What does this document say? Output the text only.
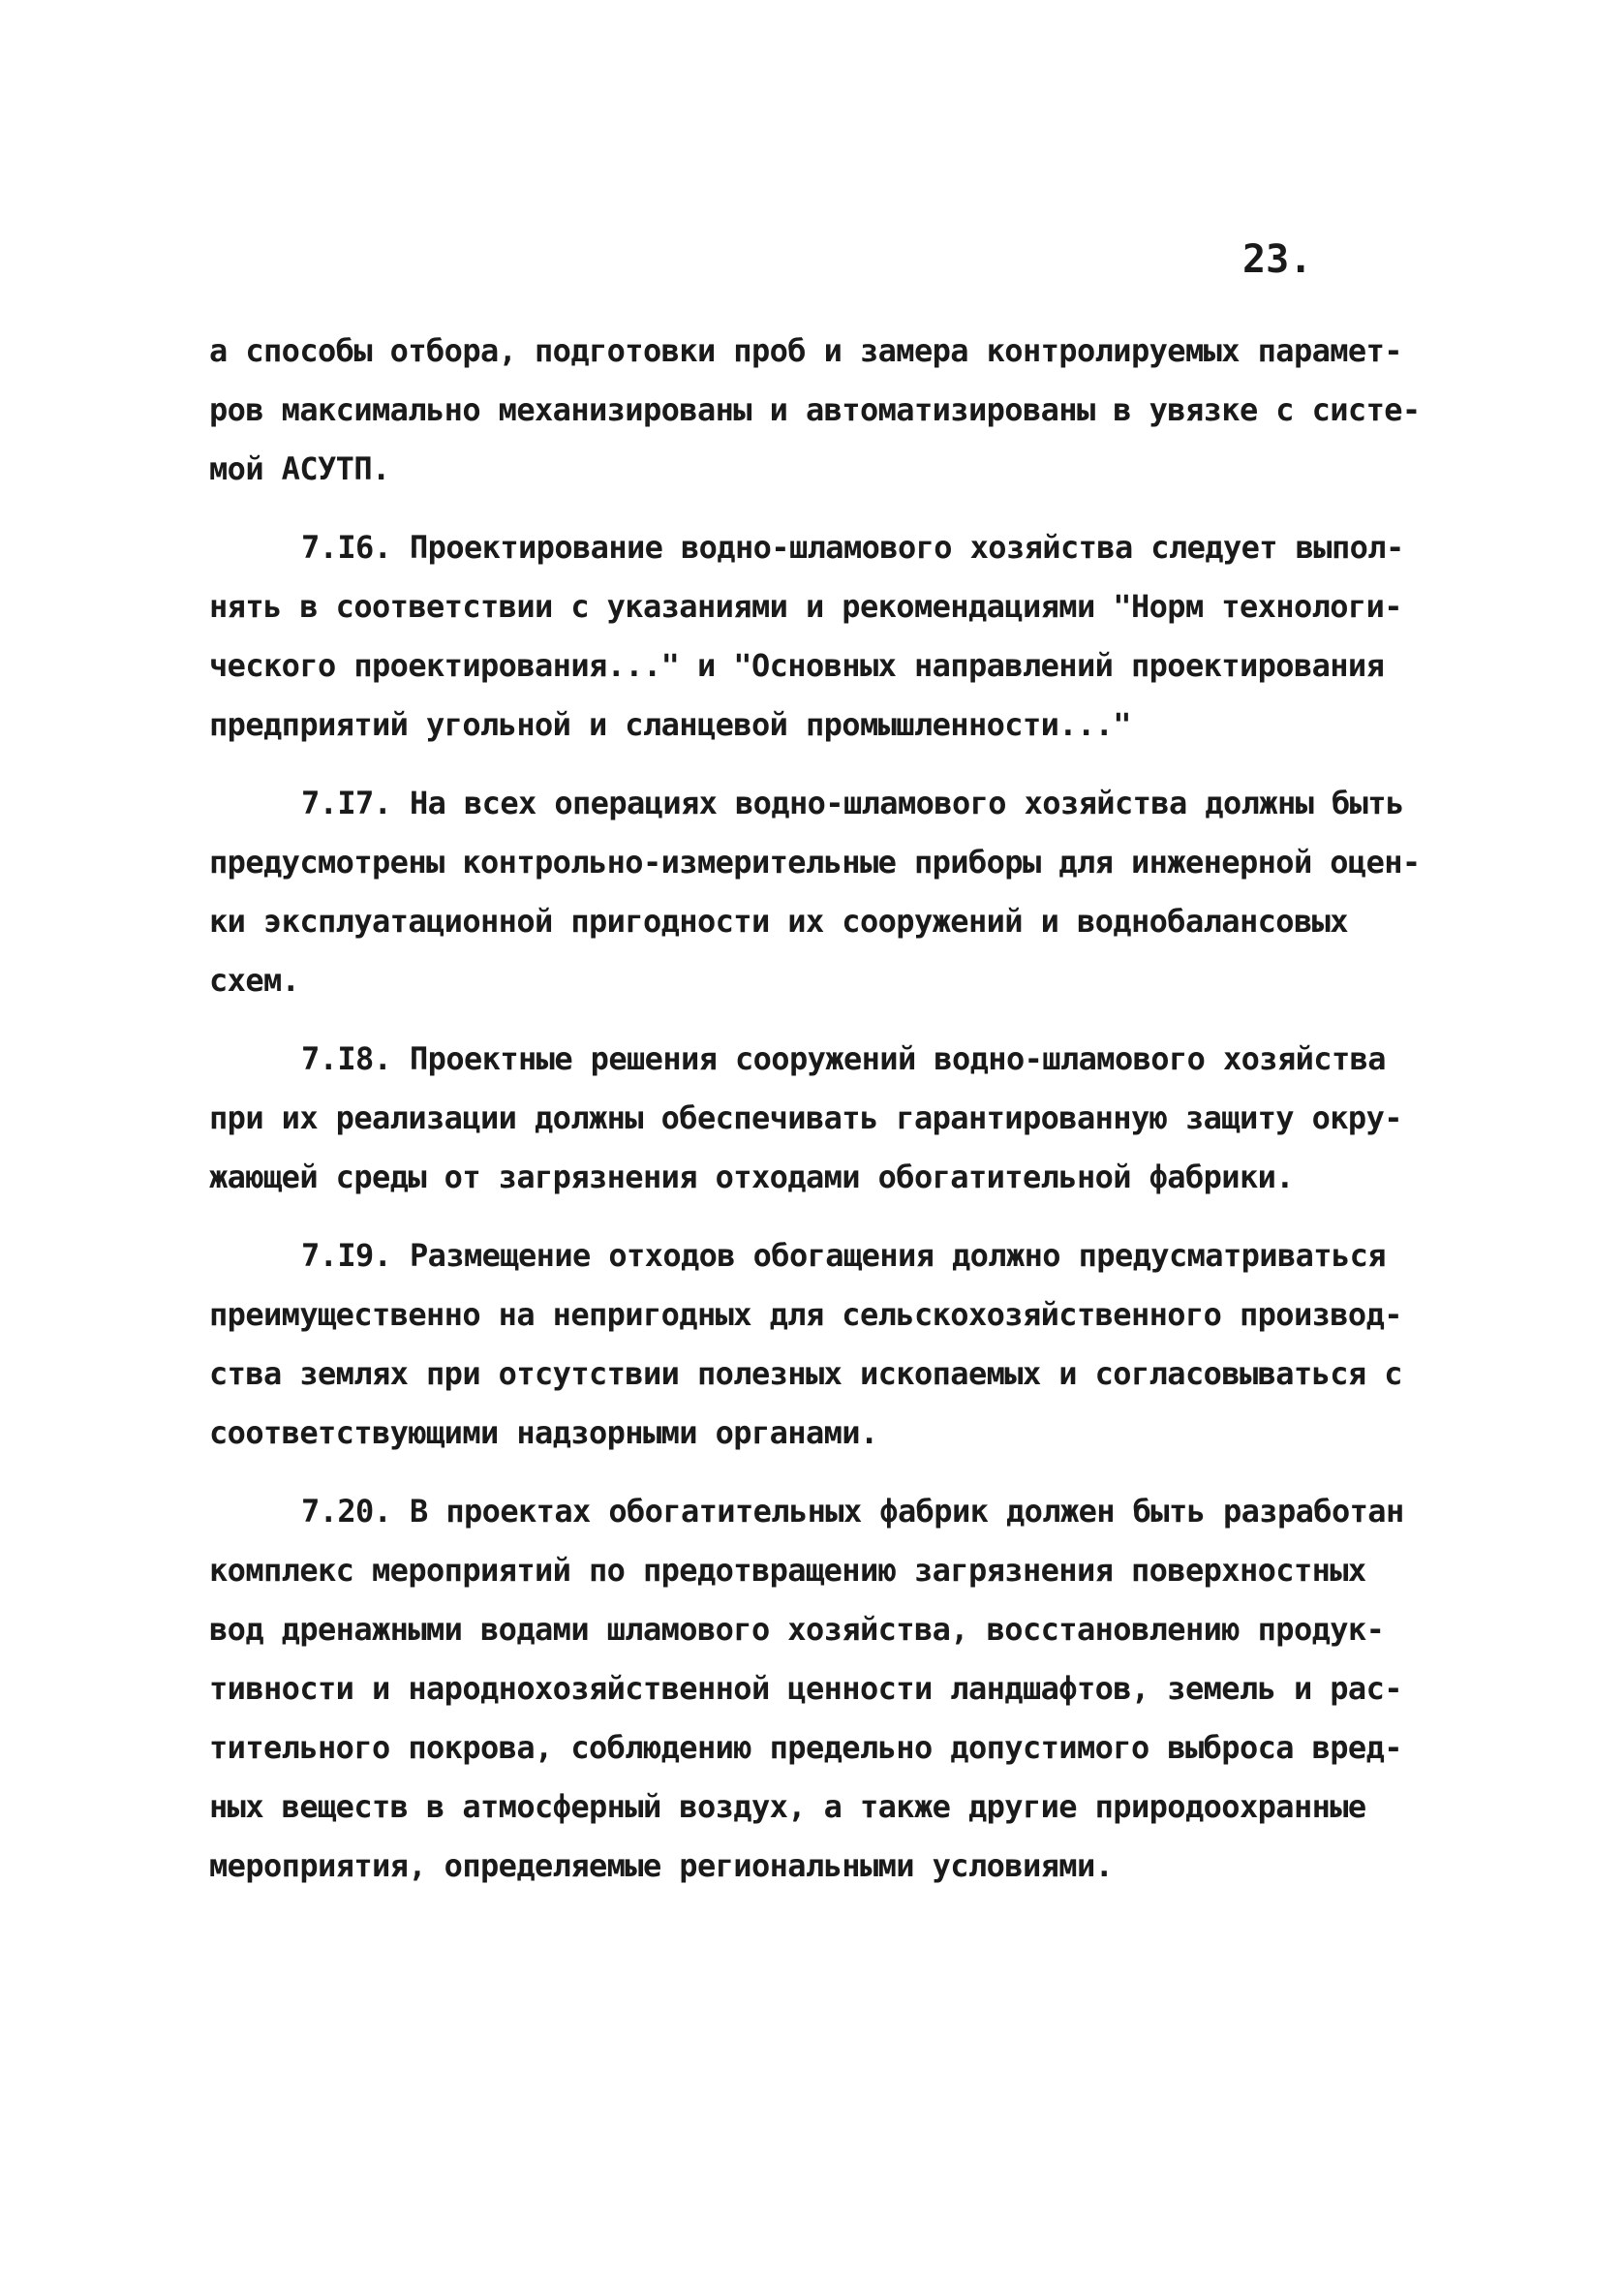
23.
а способы отбора, подготовки проб и замера контролируемых парамет-
ров максимально механизированы и автоматизированы в увязке с систе-
мой АСУТП.
7.I6. Проектирование водно-шламового хозяйства следует выпол-
нять в соответствии с указаниями и рекомендациями "Норм технологи-
ческого проектирования..." и "Основных направлений проектирования
предприятий угольной и сланцевой промышленности..."
7.I7. На всех операциях водно-шламового хозяйства должны быть
предусмотрены контрольно-измерительные приборы для инженерной оцен-
ки эксплуатационной пригодности их сооружений и воднобалансовых
схем.
7.I8. Проектные решения сооружений водно-шламового хозяйства
при их реализации должны обеспечивать гарантированную защиту окру-
жающей среды от загрязнения отходами обогатительной фабрики.
7.I9. Размещение отходов обогащения должно предусматриваться
преимущественно на непригодных для сельскохозяйственного производ-
ства землях при отсутствии полезных ископаемых и согласовываться с
соответствующими надзорными органами.
7.20. В проектах обогатительных фабрик должен быть разработан
комплекс мероприятий по предотвращению загрязнения поверхностных
вод дренажными водами шламового хозяйства, восстановлению продук-
тивности и народнохозяйственной ценности ландшафтов, земель и рас-
тительного покрова, соблюдению предельно допустимого выброса вред-
ных веществ в атмосферный воздух, а также другие природоохранные
мероприятия, определяемые региональными условиями.
